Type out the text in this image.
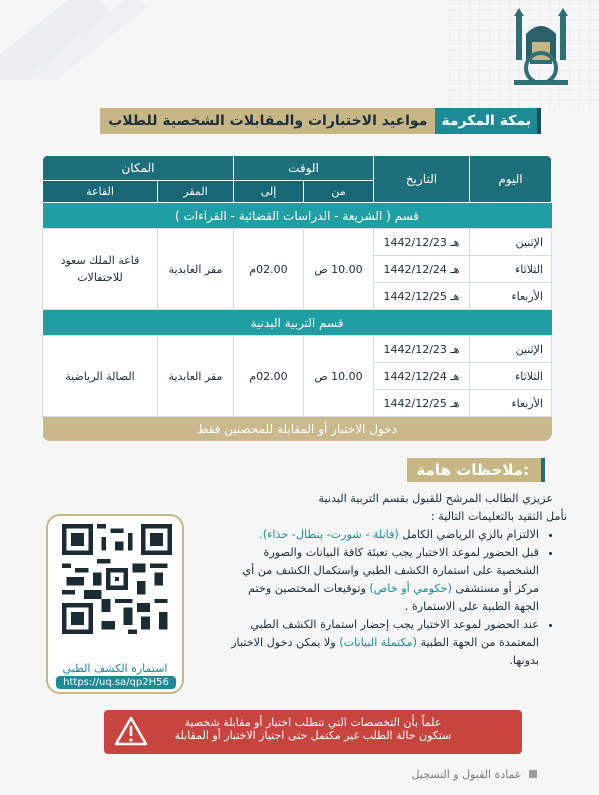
بمكة المكرمة
مواعيد الاختبارات والمقابلات الشخصية للطلاب
اليوم	التاريخ	الوقت		المكان	
		من	إلى	المقر	القاعة
قسم ( الشريعة - الدراسات القضائية - القراءات )					
الإثنين	1442/12/23 هـ	10.00 ص	02.00م	مقر العابدية	قاعة الملك سعود للاحتفالات
الثلاثاء	1442/12/24 هـ				
الأربعاء	1442/12/25 هـ				
قسم التربية البدنية					
الإثنين	1442/12/23 هـ	10.00 ص	02.00م	مقر العابدية	الصالة الرياضية
الثلاثاء	1442/12/24 هـ				
الأربعاء	1442/12/25 هـ				
دخول الاختبار أو المقابلة للمحصنين فقط					
ملاحظات هامة:

عزيزي الطالب المرشح للقبول بقسم التربية البدنية

نأمل التقيد بالتعليمات التالية :

• الالتزام بالزي الرياضي الكامل (فانلة - شورت- بنطال- حذاء).
• قبل الحضور لموعد الاختبار يجب تعبئة كافة البيانات والصورة الشخصية على استمارة الكشف الطبي واستكمال الكشف من أي مركز أو مستشفى (حكومي أو خاص) وتوقيعات المختصين وختم الجهة الطبية على الاستمارة .
• عند الحضور لموعد الاختبار يجب إحضار استمارة الكشف الطبي المعتمدة من الجهة الطبية (مكتملة البيانات) ولا يمكن دخول الاختبار بدونها.
استمارة الكشف الطبي
https://uq.sa/qp2H56
علماً بأن التخصصات التي تتطلب اختبار أو مقابلة شخصية
ستكون حالة الطلب غير مكتمل حتى اجتياز الاختبار أو المقابلة
عمادة القبول و التسجيل
